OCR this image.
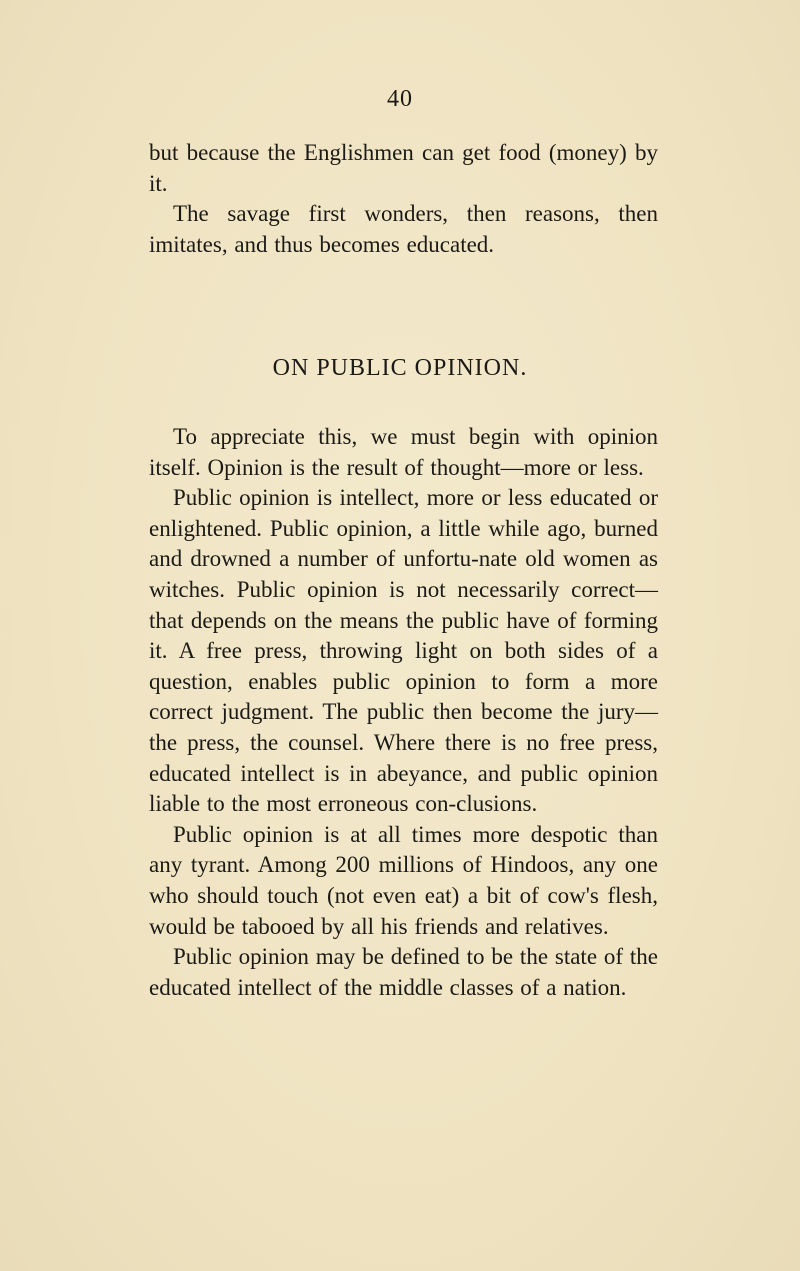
40

but because the Englishmen can get food (money) by it.

The savage first wonders, then reasons, then imitates, and thus becomes educated.

ON PUBLIC OPINION.

To appreciate this, we must begin with opinion itself. Opinion is the result of thought—more or less.

Public opinion is intellect, more or less educated or enlightened. Public opinion, a little while ago, burned and drowned a number of unfortu-nate old women as witches. Public opinion is not necessarily correct—that depends on the means the public have of forming it. A free press, throwing light on both sides of a question, enables public opinion to form a more correct judgment. The public then become the jury—the press, the counsel. Where there is no free press, educated intellect is in abeyance, and public opinion liable to the most erroneous con-clusions.

Public opinion is at all times more despotic than any tyrant. Among 200 millions of Hindoos, any one who should touch (not even eat) a bit of cow's flesh, would be tabooed by all his friends and relatives.

Public opinion may be defined to be the state of the educated intellect of the middle classes of a nation.
